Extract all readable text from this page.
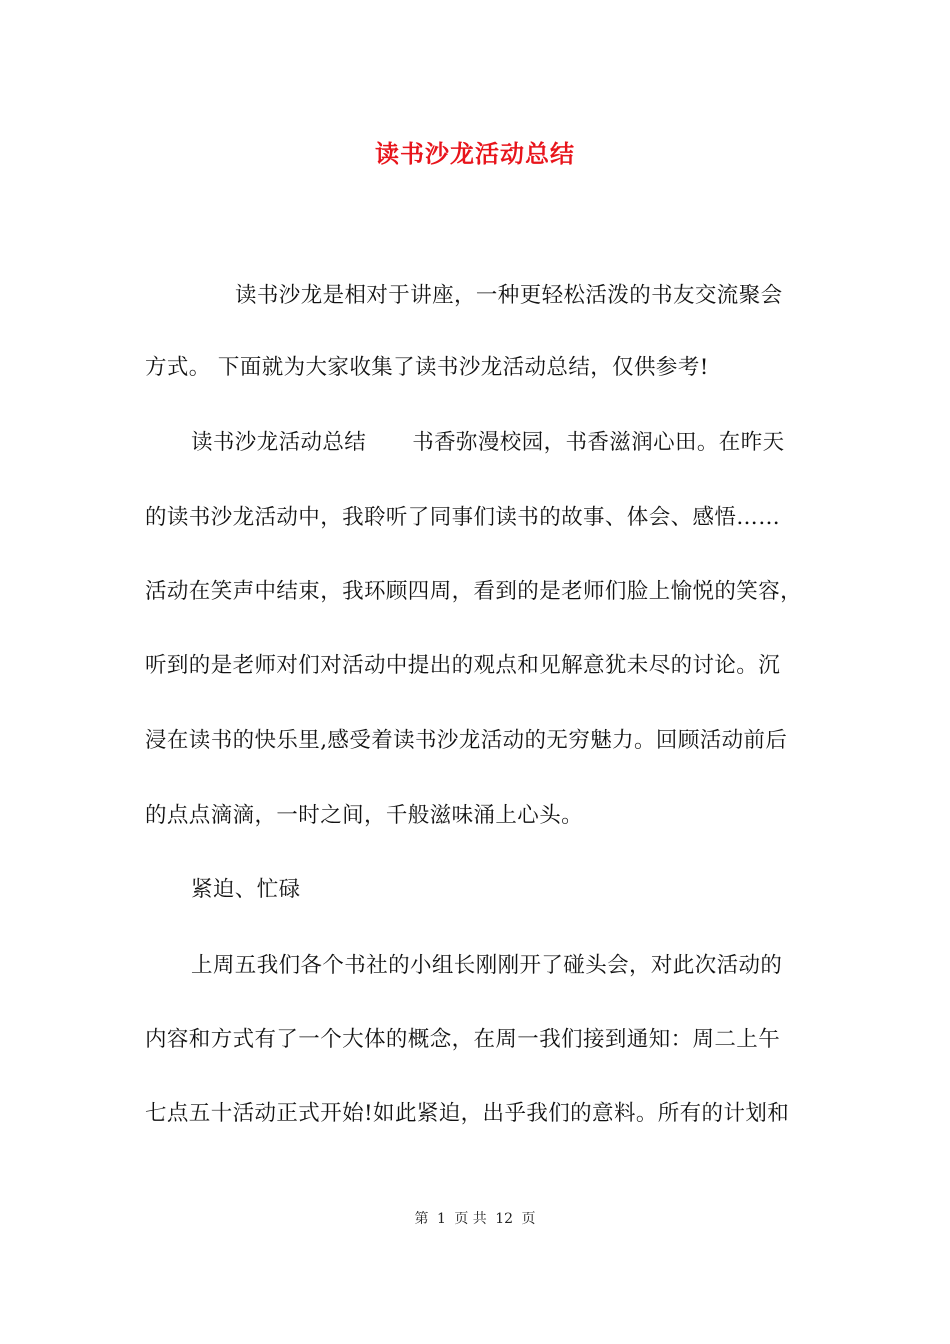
读书沙龙活动总结
读书沙龙是相对于讲座，一种更轻松活泼的书友交流聚会
方式。 下面就为大家收集了读书沙龙活动总结，仅供参考!
读书沙龙活动总结 书香弥漫校园，书香滋润心田。在昨天
的读书沙龙活动中，我聆听了同事们读书的故事、体会、感悟……
活动在笑声中结束，我环顾四周，看到的是老师们脸上愉悦的笑容，
听到的是老师对们对活动中提出的观点和见解意犹未尽的讨论。沉
浸在读书的快乐里,感受着读书沙龙活动的无穷魅力。回顾活动前后
的点点滴滴，一时之间，千般滋味涌上心头。
紧迫、忙碌
上周五我们各个书社的小组长刚刚开了碰头会，对此次活动的
内容和方式有了一个大体的概念，在周一我们接到通知：周二上午
七点五十活动正式开始!如此紧迫，出乎我们的意料。所有的计划和
第 1 页 共 12 页
